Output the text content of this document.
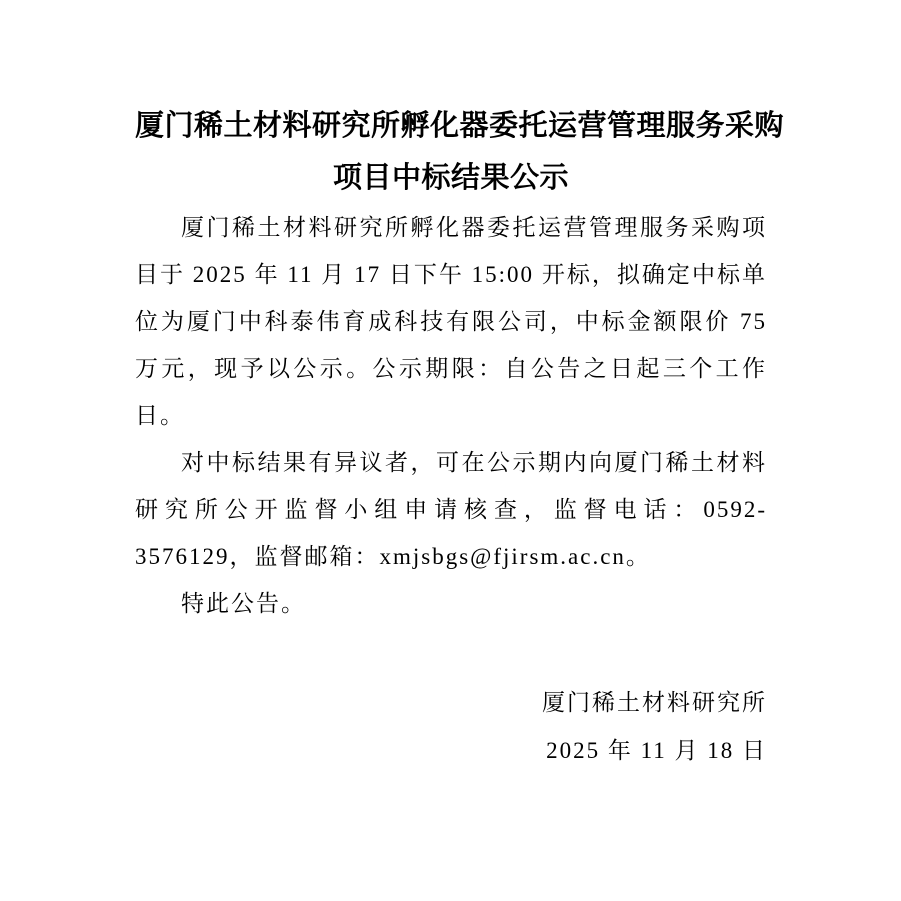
厦门稀土材料研究所孵化器委托运营管理服务采购
项目中标结果公示

厦门稀土材料研究所孵化器委托运营管理服务采购项目于 2025 年 11 月 17 日下午 15:00 开标，拟确定中标单位为厦门中科泰伟育成科技有限公司，中标金额限价 75 万元，现予以公示。公示期限：自公告之日起三个工作日。

对中标结果有异议者，可在公示期内向厦门稀土材料研究所公开监督小组申请核查，监督电话：0592-3576129，监督邮箱：xmjsbgs@fjirsm.ac.cn。

特此公告。

厦门稀土材料研究所

2025 年 11 月 18 日
